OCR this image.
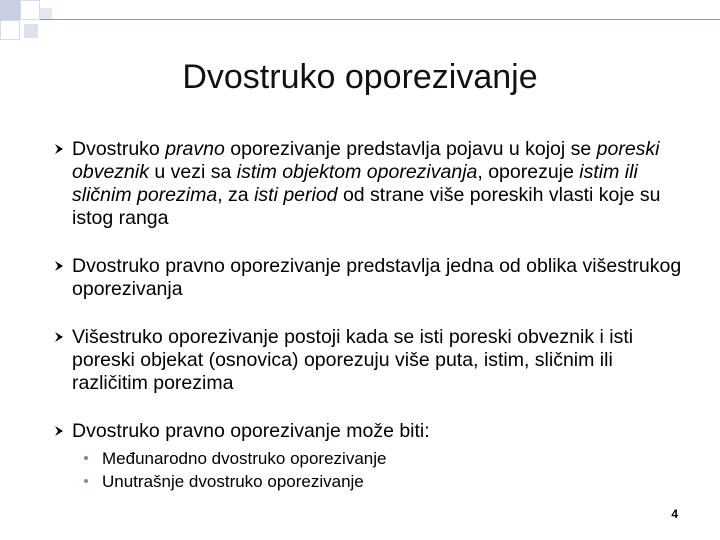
Dvostruko oporezivanje
Dvostruko pravno oporezivanje predstavlja pojavu u kojoj se poreski obveznik u vezi sa istim objektom oporezivanja, oporezuje istim ili sličnim porezima, za isti period od strane više poreskih vlasti koje su istog ranga
Dvostruko pravno oporezivanje predstavlja jedna od oblika višestrukog oporezivanja
Višestruko oporezivanje postoji kada se isti poreski obveznik i isti poreski objekat (osnovica) oporezuju više puta, istim, sličnim ili različitim porezima
Dvostruko pravno oporezivanje može biti:
Međunarodno dvostruko oporezivanje
Unutrašnje dvostruko oporezivanje
4
